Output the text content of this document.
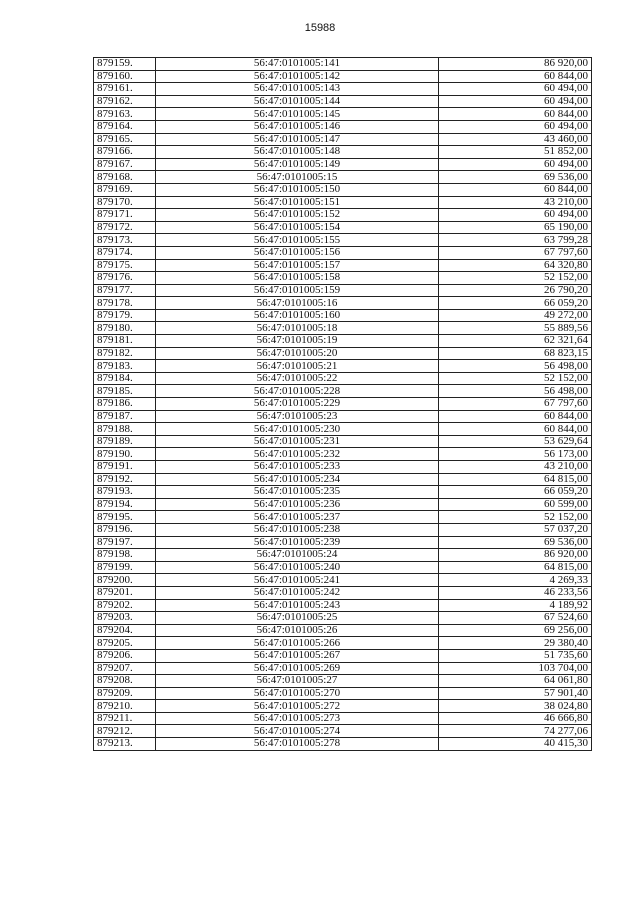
15988
879159.	56:47:0101005:141	86 920,00
879160.	56:47:0101005:142	60 844,00
879161.	56:47:0101005:143	60 494,00
879162.	56:47:0101005:144	60 494,00
879163.	56:47:0101005:145	60 844,00
879164.	56:47:0101005:146	60 494,00
879165.	56:47:0101005:147	43 460,00
879166.	56:47:0101005:148	51 852,00
879167.	56:47:0101005:149	60 494,00
879168.	56:47:0101005:15	69 536,00
879169.	56:47:0101005:150	60 844,00
879170.	56:47:0101005:151	43 210,00
879171.	56:47:0101005:152	60 494,00
879172.	56:47:0101005:154	65 190,00
879173.	56:47:0101005:155	63 799,28
879174.	56:47:0101005:156	67 797,60
879175.	56:47:0101005:157	64 320,80
879176.	56:47:0101005:158	52 152,00
879177.	56:47:0101005:159	26 790,20
879178.	56:47:0101005:16	66 059,20
879179.	56:47:0101005:160	49 272,00
879180.	56:47:0101005:18	55 889,56
879181.	56:47:0101005:19	62 321,64
879182.	56:47:0101005:20	68 823,15
879183.	56:47:0101005:21	56 498,00
879184.	56:47:0101005:22	52 152,00
879185.	56:47:0101005:228	56 498,00
879186.	56:47:0101005:229	67 797,60
879187.	56:47:0101005:23	60 844,00
879188.	56:47:0101005:230	60 844,00
879189.	56:47:0101005:231	53 629,64
879190.	56:47:0101005:232	56 173,00
879191.	56:47:0101005:233	43 210,00
879192.	56:47:0101005:234	64 815,00
879193.	56:47:0101005:235	66 059,20
879194.	56:47:0101005:236	60 599,00
879195.	56:47:0101005:237	52 152,00
879196.	56:47:0101005:238	57 037,20
879197.	56:47:0101005:239	69 536,00
879198.	56:47:0101005:24	86 920,00
879199.	56:47:0101005:240	64 815,00
879200.	56:47:0101005:241	4 269,33
879201.	56:47:0101005:242	46 233,56
879202.	56:47:0101005:243	4 189,92
879203.	56:47:0101005:25	67 524,60
879204.	56:47:0101005:26	69 256,00
879205.	56:47:0101005:266	29 380,40
879206.	56:47:0101005:267	51 735,60
879207.	56:47:0101005:269	103 704,00
879208.	56:47:0101005:27	64 061,80
879209.	56:47:0101005:270	57 901,40
879210.	56:47:0101005:272	38 024,80
879211.	56:47:0101005:273	46 666,80
879212.	56:47:0101005:274	74 277,06
879213.	56:47:0101005:278	40 415,30
